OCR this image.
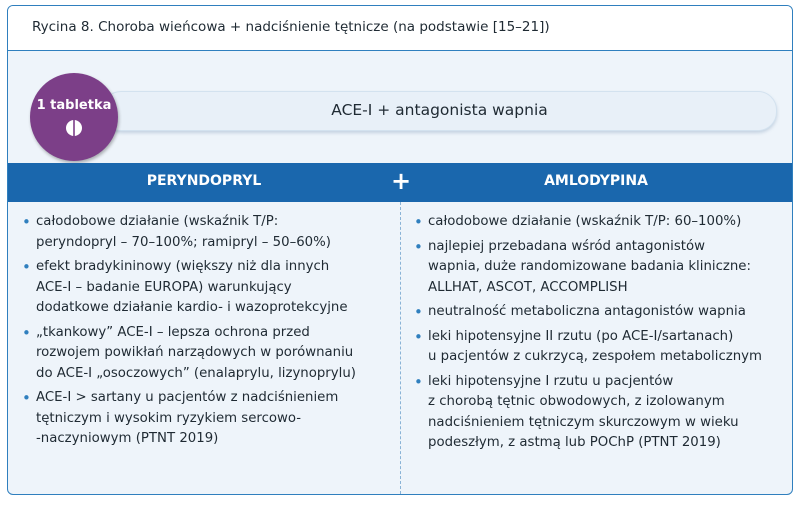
Rycina 8. Choroba wieńcowa + nadciśnienie tętnicze (na podstawie [15–21])
ACE-I + antagonista wapnia
1 tabletka
PERYNDOPRYL	+	AMLODYPINA
• całodobowe działanie (wskaźnik T/P:
peryndopryl – 70–100%; ramipryl – 50–60%)
• efekt bradykininowy (większy niż dla innych
ACE-I – badanie EUROPA) warunkujący
dodatkowe działanie kardio- i wazoprotekcyjne
• „tkankowy” ACE-I – lepsza ochrona przed
rozwojem powikłań narządowych w porównaniu
do ACE-I „osoczowych” (enalaprylu, lizynoprylu)
• ACE-I > sartany u pacjentów z nadciśnieniem
tętniczym i wysokim ryzykiem sercowo-
-naczyniowym (PTNT 2019)
• całodobowe działanie (wskaźnik T/P: 60–100%)
• najlepiej przebadana wśród antagonistów
wapnia, duże randomizowane badania kliniczne:
ALLHAT, ASCOT, ACCOMPLISH
• neutralność metaboliczna antagonistów wapnia
• leki hipotensyjne II rzutu (po ACE-I/sartanach)
u pacjentów z cukrzycą, zespołem metabolicznym
• leki hipotensyjne I rzutu u pacjentów
z chorobą tętnic obwodowych, z izolowanym
nadciśnieniem tętniczym skurczowym w wieku
podeszłym, z astmą lub POChP (PTNT 2019)
